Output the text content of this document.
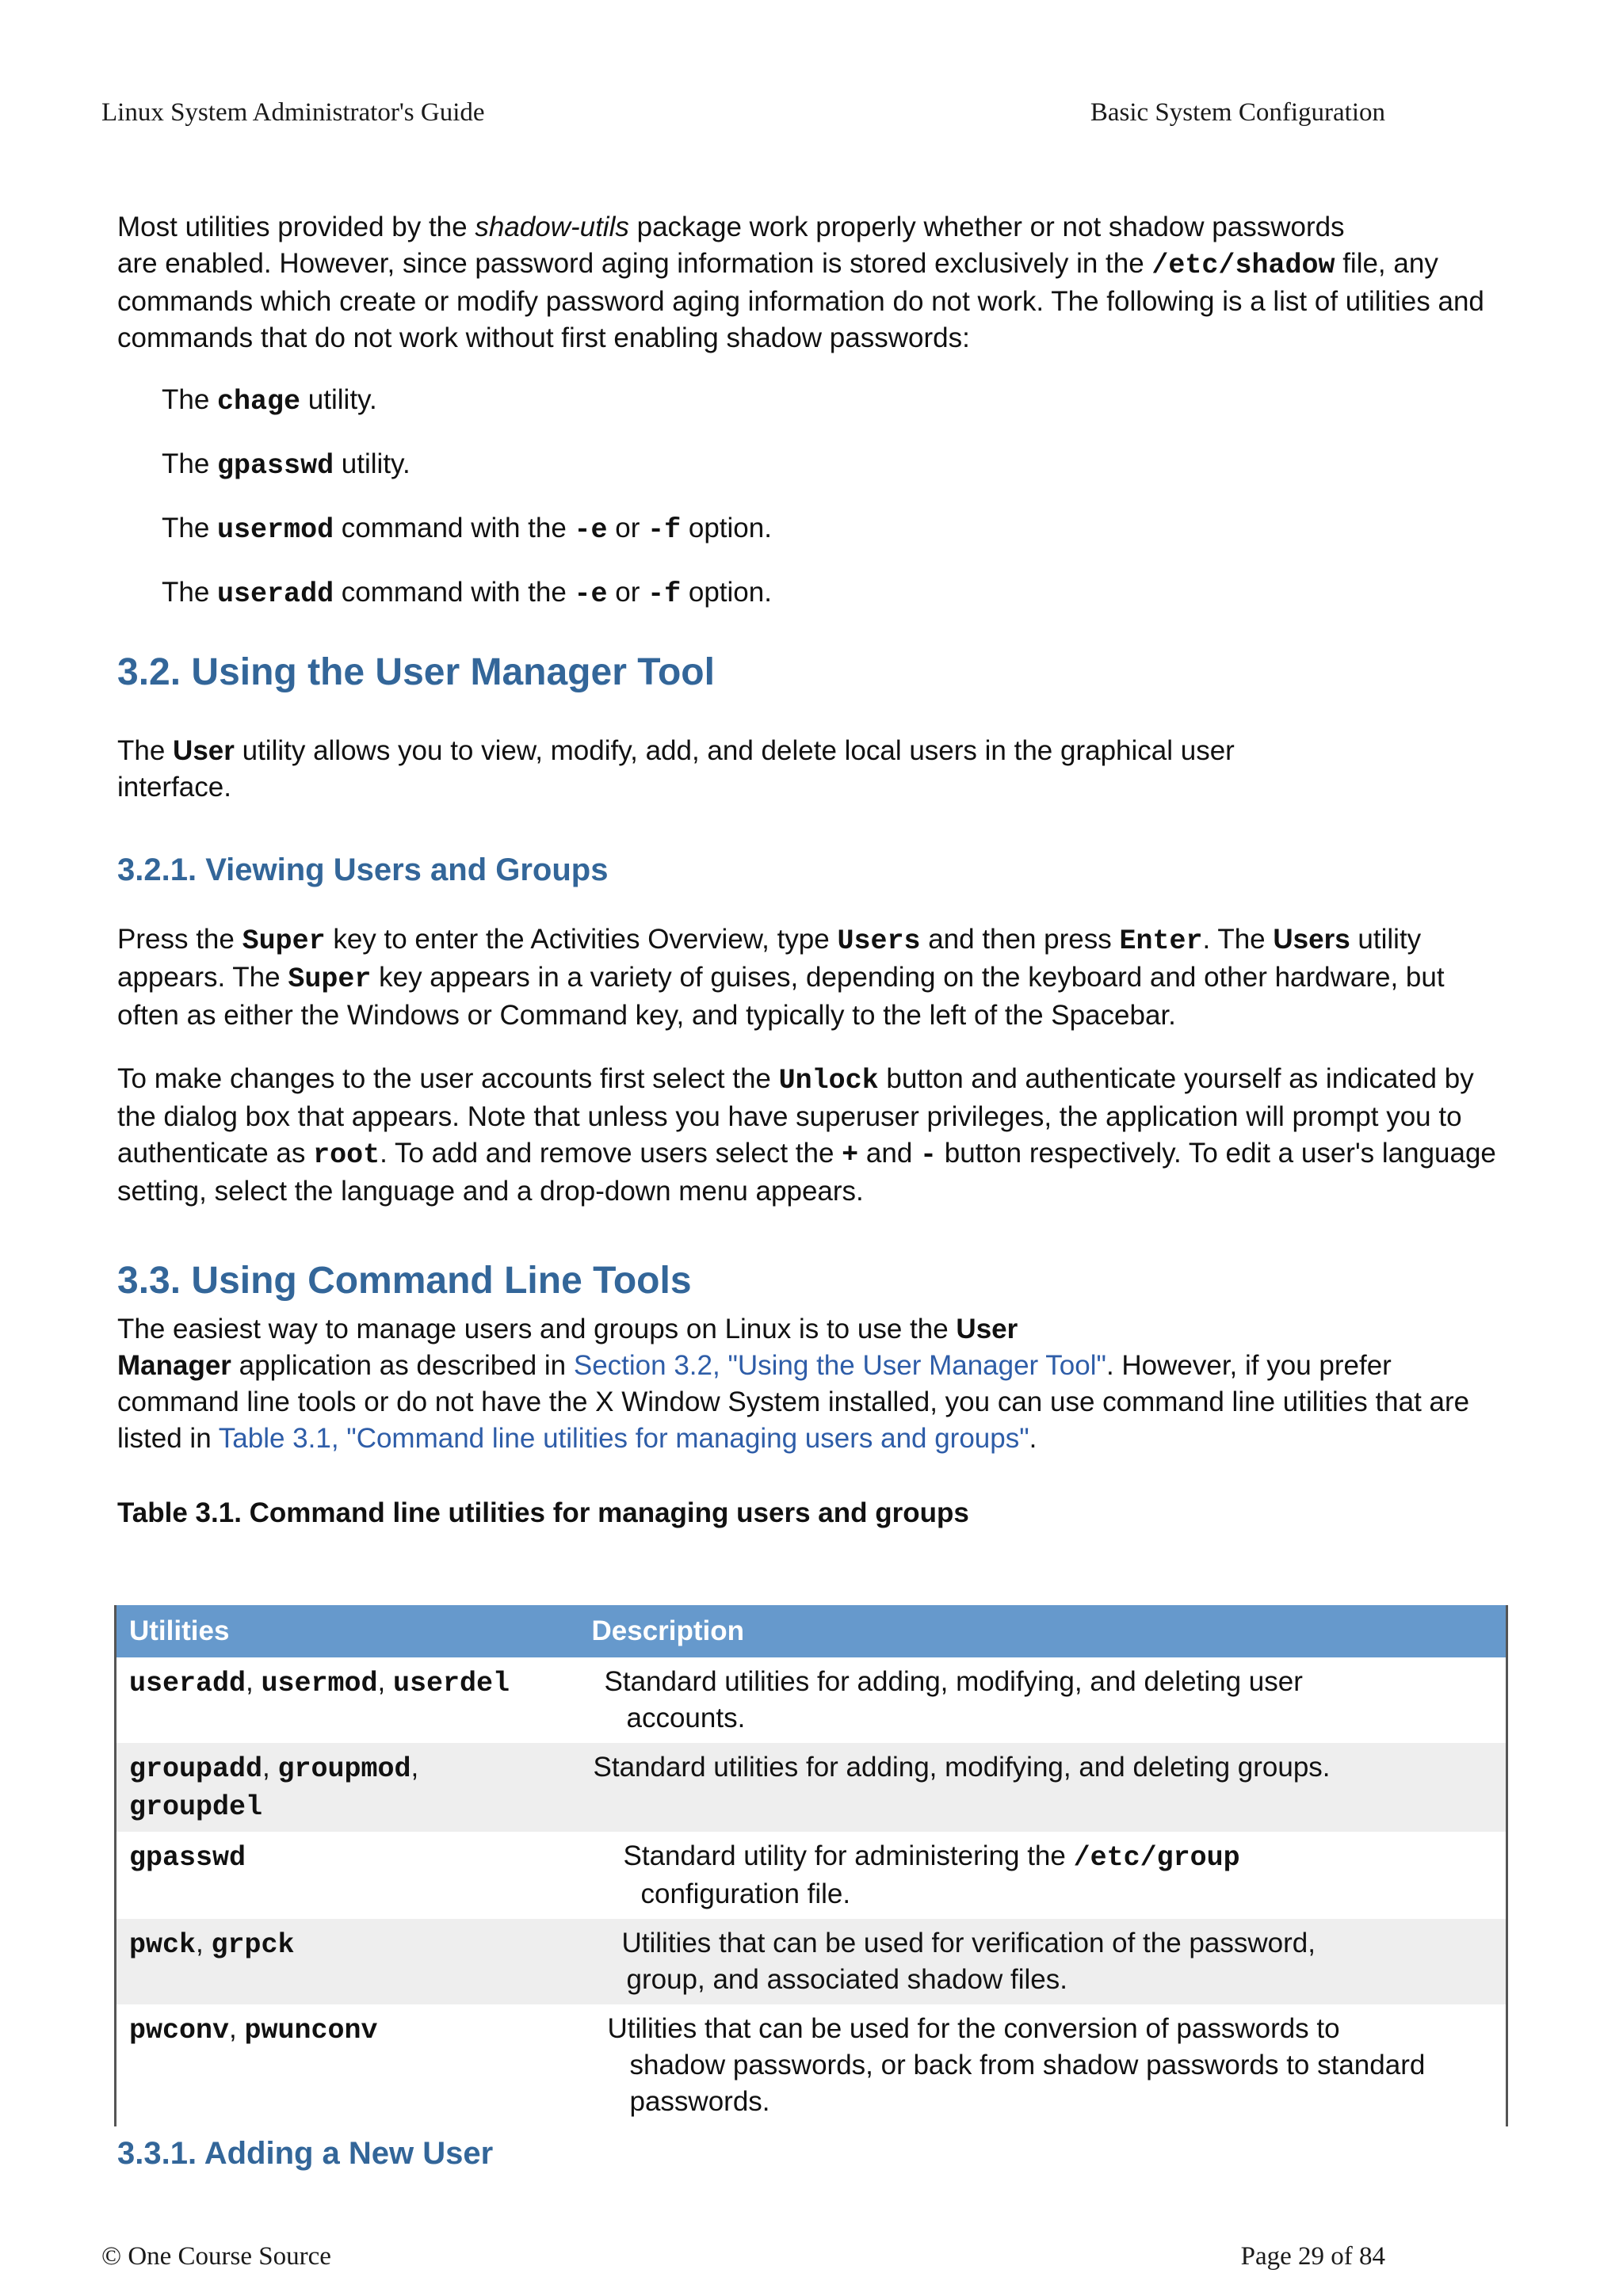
Linux System Administrator's Guide	Basic System Configuration

Most utilities provided by the shadow-utils package work properly whether or not shadow passwords
are enabled. However, since password aging information is stored exclusively in the /etc/shadow file, any commands which create or modify password aging information do not work. The following is a list of utilities and commands that do not work without first enabling shadow passwords:

The chage utility.

The gpasswd utility.

The usermod command with the -e or -f option.

The useradd command with the -e or -f option.

3.2. Using the User Manager Tool

The User utility allows you to view, modify, add, and delete local users in the graphical user interface.

3.2.1. Viewing Users and Groups

Press the Super key to enter the Activities Overview, type Users and then press Enter. The Users utility appears. The Super key appears in a variety of guises, depending on the keyboard and other hardware, but often as either the Windows or Command key, and typically to the left of the Spacebar.

To make changes to the user accounts first select the Unlock button and authenticate yourself as indicated by the dialog box that appears. Note that unless you have superuser privileges, the application will prompt you to authenticate as root. To add and remove users select the + and - button respectively. To edit a user's language setting, select the language and a drop-down menu appears.

3.3. Using Command Line Tools

The easiest way to manage users and groups on Linux is to use the User
Manager application as described in Section 3.2, "Using the User Manager Tool". However, if you prefer command line tools or do not have the X Window System installed, you can use command line utilities that are listed in Table 3.1, "Command line utilities for managing users and groups".

Table 3.1. Command line utilities for managing users and groups

Utilities	Description
useradd, usermod, userdel	Standard utilities for adding, modifying, and deleting user
accounts.

groupadd, groupmod,
groupdel	Standard utilities for adding, modifying, and deleting groups.
gpasswd	Standard utility for administering the /etc/group
configuration file.

pwck, grpck	Utilities that can be used for verification of the password,
group, and associated shadow files.

pwconv, pwunconv	Utilities that can be used for the conversion of passwords to
shadow passwords, or back from shadow passwords to standard
passwords.
3.3.1. Adding a New User
© One Course Source	Page 29 of 84
